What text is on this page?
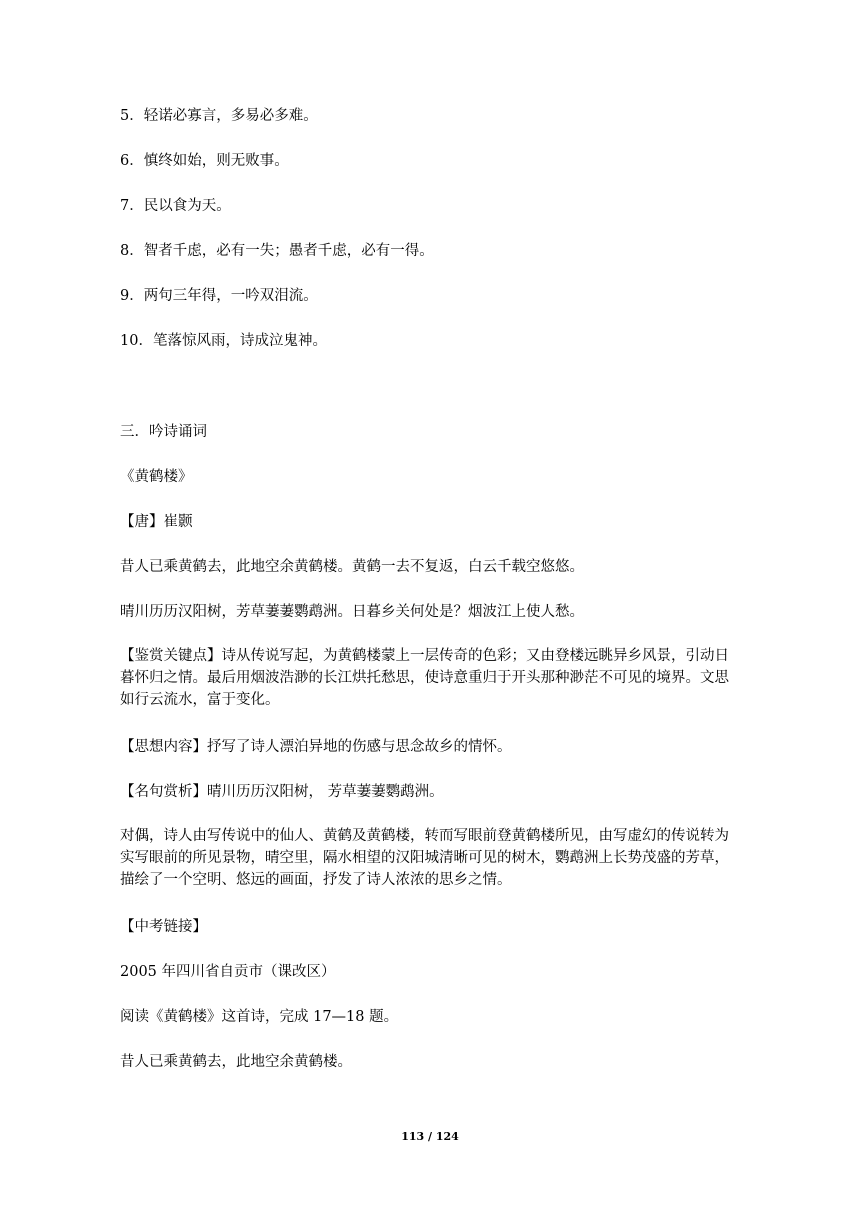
5．轻诺必寡言，多易必多难。
6．慎终如始，则无败事。
7．民以食为天。
8．智者千虑，必有一失；愚者千虑，必有一得。
9．两句三年得，一吟双泪流。
10．笔落惊风雨，诗成泣鬼神。
三．吟诗诵词
《黄鹤楼》
【唐】崔颢
昔人已乘黄鹤去，此地空余黄鹤楼。黄鹤一去不复返，白云千载空悠悠。
晴川历历汉阳树，芳草萋萋鹦鹉洲。日暮乡关何处是？烟波江上使人愁。
【鉴赏关键点】诗从传说写起，为黄鹤楼蒙上一层传奇的色彩；又由登楼远眺异乡风景，引动日暮怀归之情。最后用烟波浩渺的长江烘托愁思，使诗意重归于开头那种渺茫不可见的境界。文思如行云流水，富于变化。
【思想内容】抒写了诗人漂泊异地的伤感与思念故乡的情怀。
【名句赏析】晴川历历汉阳树， 芳草萋萋鹦鹉洲。
对偶，诗人由写传说中的仙人、黄鹤及黄鹤楼，转而写眼前登黄鹤楼所见，由写虚幻的传说转为实写眼前的所见景物，晴空里，隔水相望的汉阳城清晰可见的树木，鹦鹉洲上长势茂盛的芳草，描绘了一个空明、悠远的画面，抒发了诗人浓浓的思乡之情。
【中考链接】
2005 年四川省自贡市（课改区）
阅读《黄鹤楼》这首诗，完成 17—18 题。
昔人已乘黄鹤去，此地空余黄鹤楼。
113 / 124
